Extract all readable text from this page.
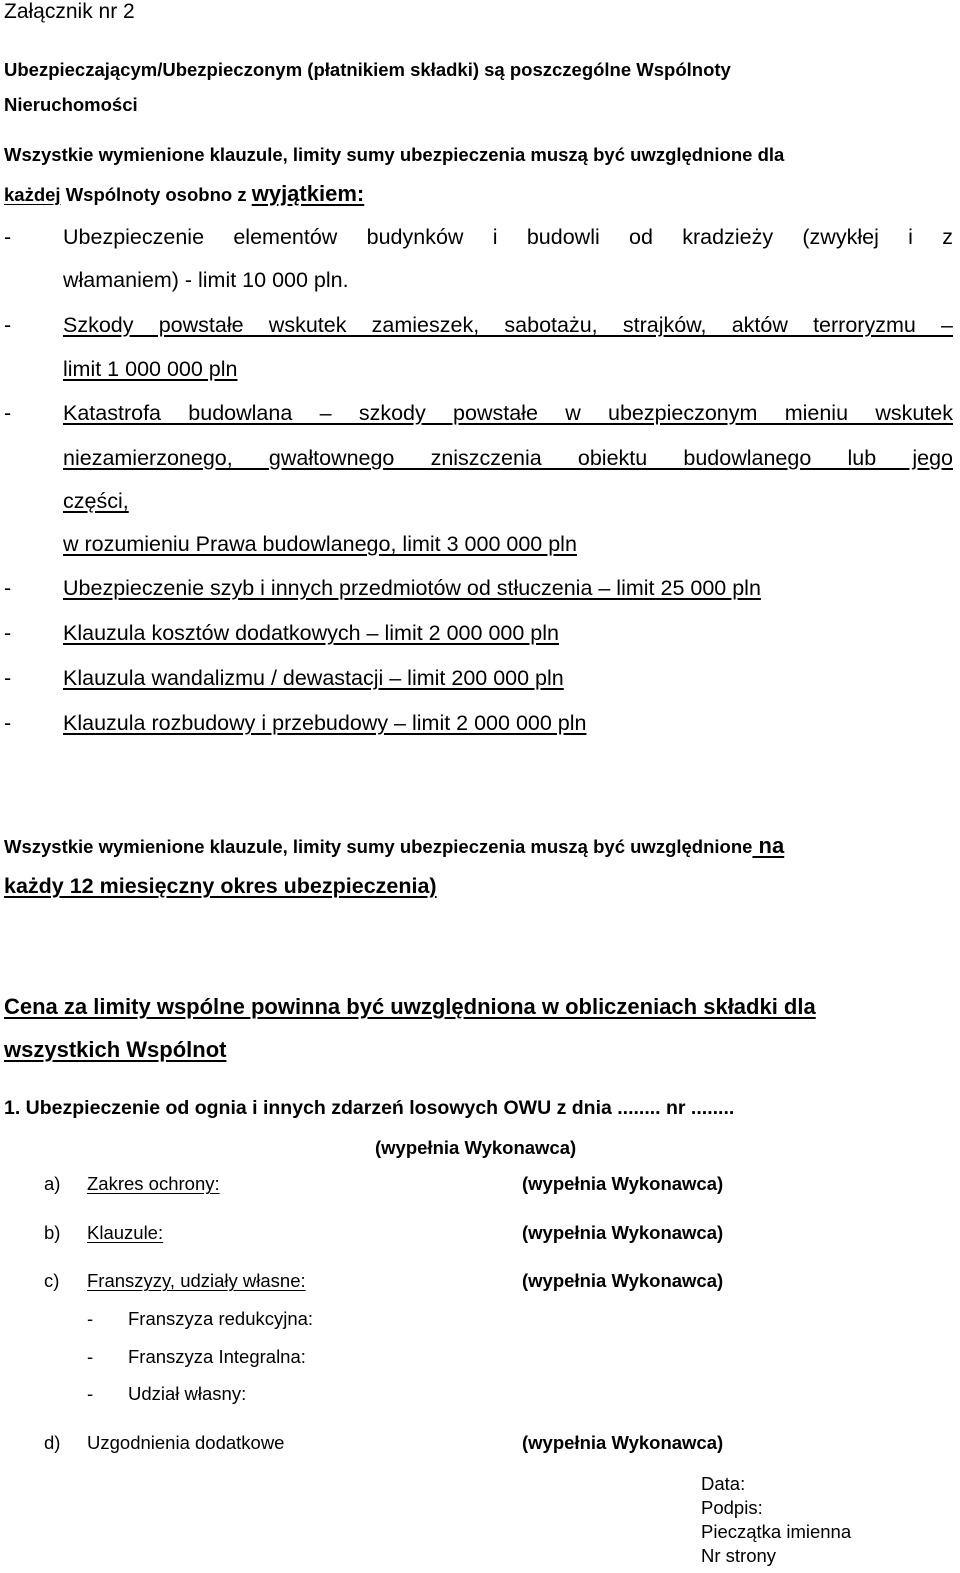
Załącznik nr 2
Ubezpieczającym/Ubezpieczonym (płatnikiem składki) są poszczególne Wspólnoty
Nieruchomości
Wszystkie wymienione klauzule, limity sumy ubezpieczenia muszą być uwzględnione dla
każdej Wspólnoty osobno z wyjątkiem:
- Ubezpieczenie elementów budynków i budowli od kradzieży (zwykłej i z
włamaniem) - limit 10 000 pln.
- Szkody powstałe wskutek zamieszek, sabotażu, strajków, aktów terroryzmu –
limit 1 000 000 pln
- Katastrofa budowlana – szkody powstałe w ubezpieczonym mieniu wskutek
niezamierzonego, gwałtownego zniszczenia obiektu budowlanego lub jego
części,
w rozumieniu Prawa budowlanego, limit 3 000 000 pln
- Ubezpieczenie szyb i innych przedmiotów od stłuczenia – limit 25 000 pln
- Klauzula kosztów dodatkowych – limit 2 000 000 pln
- Klauzula wandalizmu / dewastacji – limit 200 000 pln
- Klauzula rozbudowy i przebudowy – limit 2 000 000 pln
Wszystkie wymienione klauzule, limity sumy ubezpieczenia muszą być uwzględnione na
każdy 12 miesięczny okres ubezpieczenia)
Cena za limity wspólne powinna być uwzględniona w obliczeniach składki dla
wszystkich Wspólnot
1. Ubezpieczenie od ognia i innych zdarzeń losowych OWU z dnia ........ nr ........
(wypełnia Wykonawca)
a) Zakres ochrony:	(wypełnia Wykonawca)
b) Klauzule:	(wypełnia Wykonawca)
c) Franszyzy, udziały własne:	(wypełnia Wykonawca)
- Franszyza redukcyjna:
- Franszyza Integralna:
- Udział własny:
d) Uzgodnienia dodatkowe	(wypełnia Wykonawca)
Data:
Podpis:
Pieczątka imienna
Nr strony
